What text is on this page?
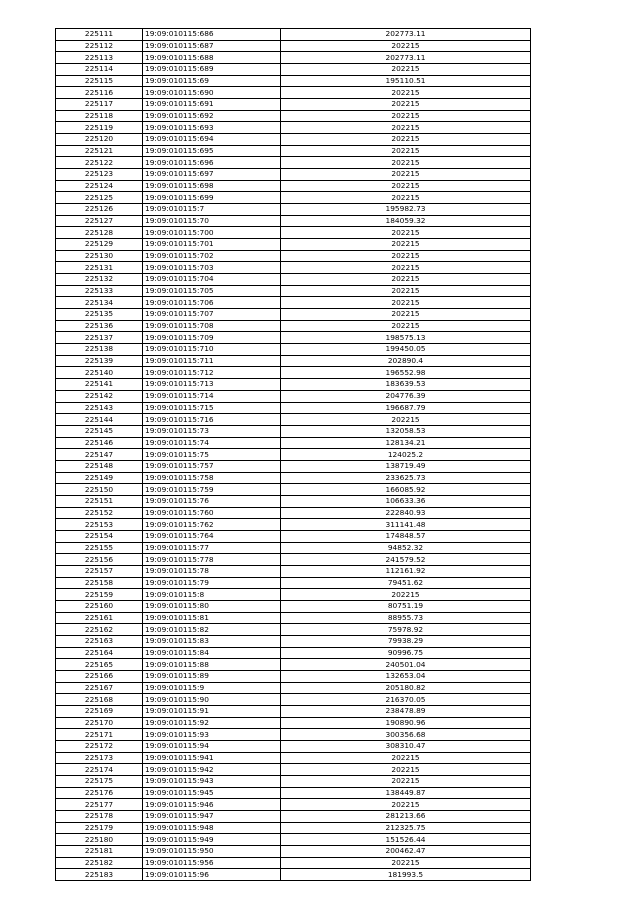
225111	19:09:010115:686	202773.11
225112	19:09:010115:687	202215
225113	19:09:010115:688	202773.11
225114	19:09:010115:689	202215
225115	19:09:010115:69	195110.51
225116	19:09:010115:690	202215
225117	19:09:010115:691	202215
225118	19:09:010115:692	202215
225119	19:09:010115:693	202215
225120	19:09:010115:694	202215
225121	19:09:010115:695	202215
225122	19:09:010115:696	202215
225123	19:09:010115:697	202215
225124	19:09:010115:698	202215
225125	19:09:010115:699	202215
225126	19:09:010115:7	195982.73
225127	19:09:010115:70	184059.32
225128	19:09:010115:700	202215
225129	19:09:010115:701	202215
225130	19:09:010115:702	202215
225131	19:09:010115:703	202215
225132	19:09:010115:704	202215
225133	19:09:010115:705	202215
225134	19:09:010115:706	202215
225135	19:09:010115:707	202215
225136	19:09:010115:708	202215
225137	19:09:010115:709	198575.13
225138	19:09:010115:710	199450.05
225139	19:09:010115:711	202890.4
225140	19:09:010115:712	196552.98
225141	19:09:010115:713	183639.53
225142	19:09:010115:714	204776.39
225143	19:09:010115:715	196687.79
225144	19:09:010115:716	202215
225145	19:09:010115:73	132058.53
225146	19:09:010115:74	128134.21
225147	19:09:010115:75	124025.2
225148	19:09:010115:757	138719.49
225149	19:09:010115:758	233625.73
225150	19:09:010115:759	166085.92
225151	19:09:010115:76	106633.36
225152	19:09:010115:760	222840.93
225153	19:09:010115:762	311141.48
225154	19:09:010115:764	174848.57
225155	19:09:010115:77	94852.32
225156	19:09:010115:778	241579.52
225157	19:09:010115:78	112161.92
225158	19:09:010115:79	79451.62
225159	19:09:010115:8	202215
225160	19:09:010115:80	80751.19
225161	19:09:010115:81	88955.73
225162	19:09:010115:82	75978.92
225163	19:09:010115:83	79938.29
225164	19:09:010115:84	90996.75
225165	19:09:010115:88	240501.04
225166	19:09:010115:89	132653.04
225167	19:09:010115:9	205180.82
225168	19:09:010115:90	216370.05
225169	19:09:010115:91	238478.89
225170	19:09:010115:92	190890.96
225171	19:09:010115:93	300356.68
225172	19:09:010115:94	308310.47
225173	19:09:010115:941	202215
225174	19:09:010115:942	202215
225175	19:09:010115:943	202215
225176	19:09:010115:945	138449.87
225177	19:09:010115:946	202215
225178	19:09:010115:947	281213.66
225179	19:09:010115:948	212325.75
225180	19:09:010115:949	151526.44
225181	19:09:010115:950	200462.47
225182	19:09:010115:956	202215
225183	19:09:010115:96	181993.5
